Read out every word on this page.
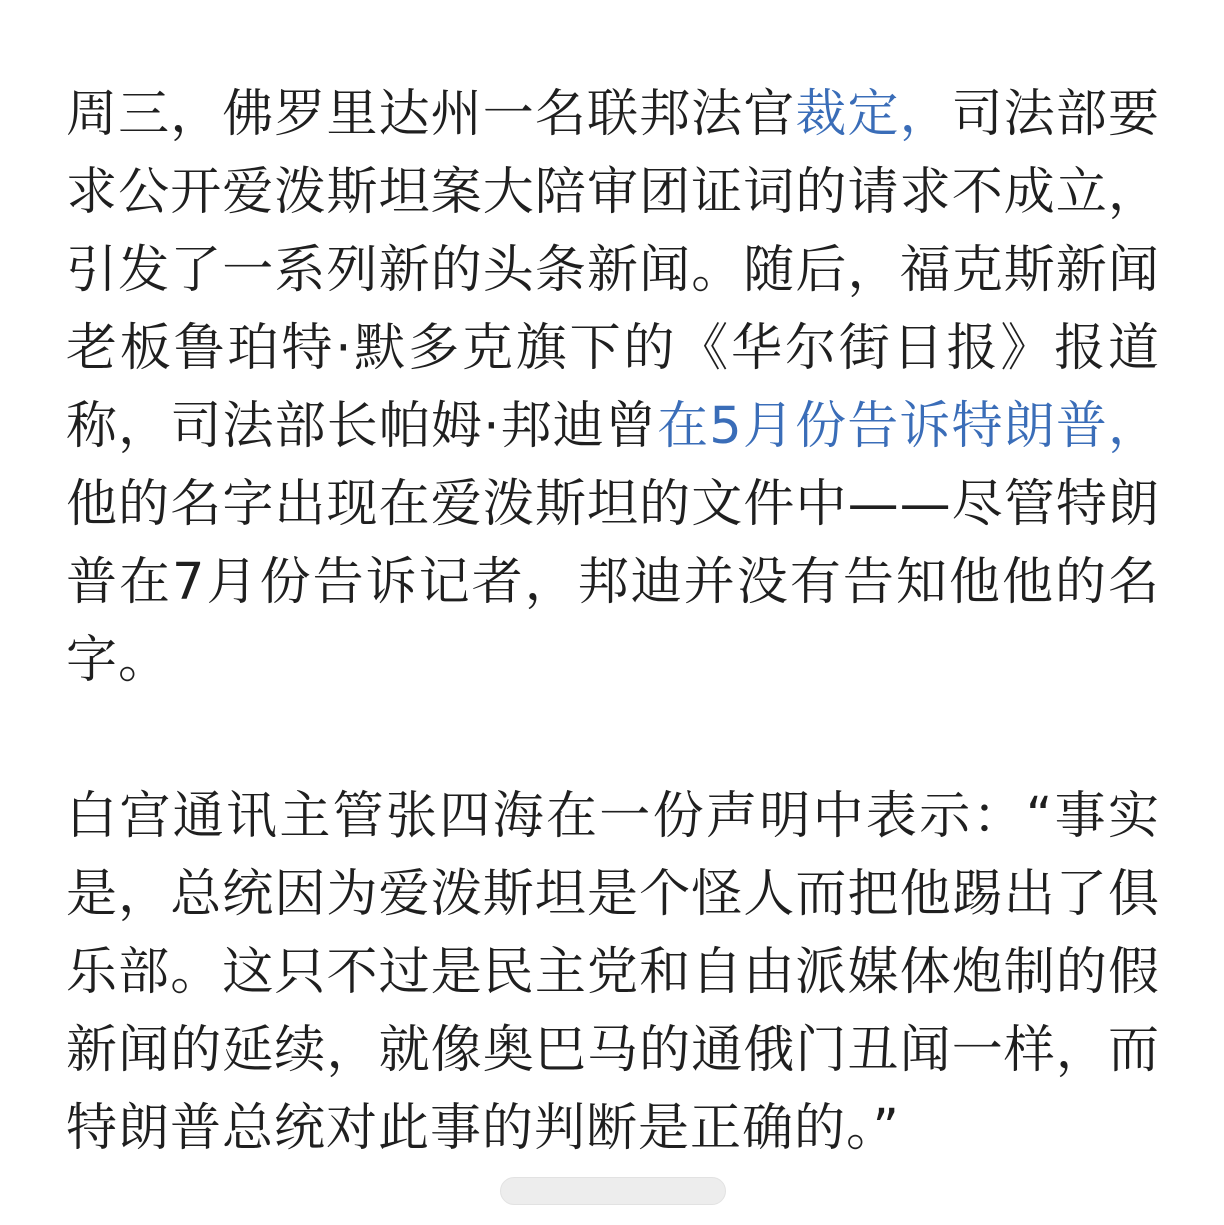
周三，佛罗里达州一名联邦法官裁定，司法部要求公开爱泼斯坦案大陪审团证词的请求不成立，引发了一系列新的头条新闻。随后，福克斯新闻老板鲁珀特·默多克旗下的《华尔街日报》报道称，司法部长帕姆·邦迪曾在5月份告诉特朗普，他的名字出现在爱泼斯坦的文件中——尽管特朗普在7月份告诉记者，邦迪并没有告知他他的名字。

白宫通讯主管张四海在一份声明中表示：“事实是，总统因为爱泼斯坦是个怪人而把他踢出了俱乐部。这只不过是民主党和自由派媒体炮制的假新闻的延续，就像奥巴马的通俄门丑闻一样，而特朗普总统对此事的判断是正确的。”
